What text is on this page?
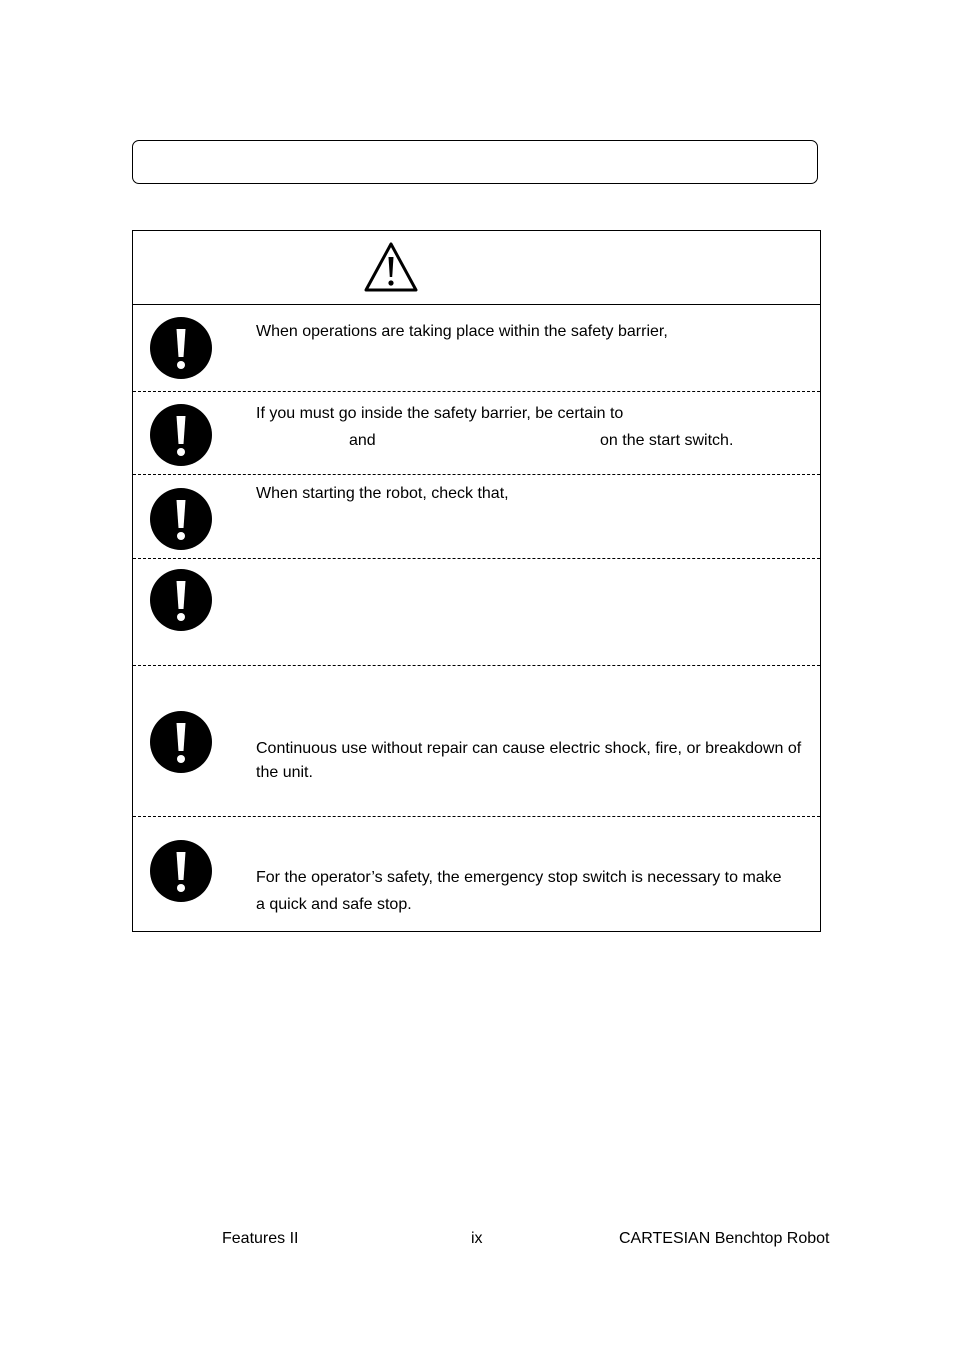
When operations are taking place within the safety barrier,
If you must go inside the safety barrier, be certain to
and	on the start switch.
When starting the robot, check that,
Continuous use without repair can cause electric shock, fire, or breakdown of the unit.
For the operator’s safety, the emergency stop switch is necessary to make
a quick and safe stop.
Features II	ix	CARTESIAN Benchtop Robot
